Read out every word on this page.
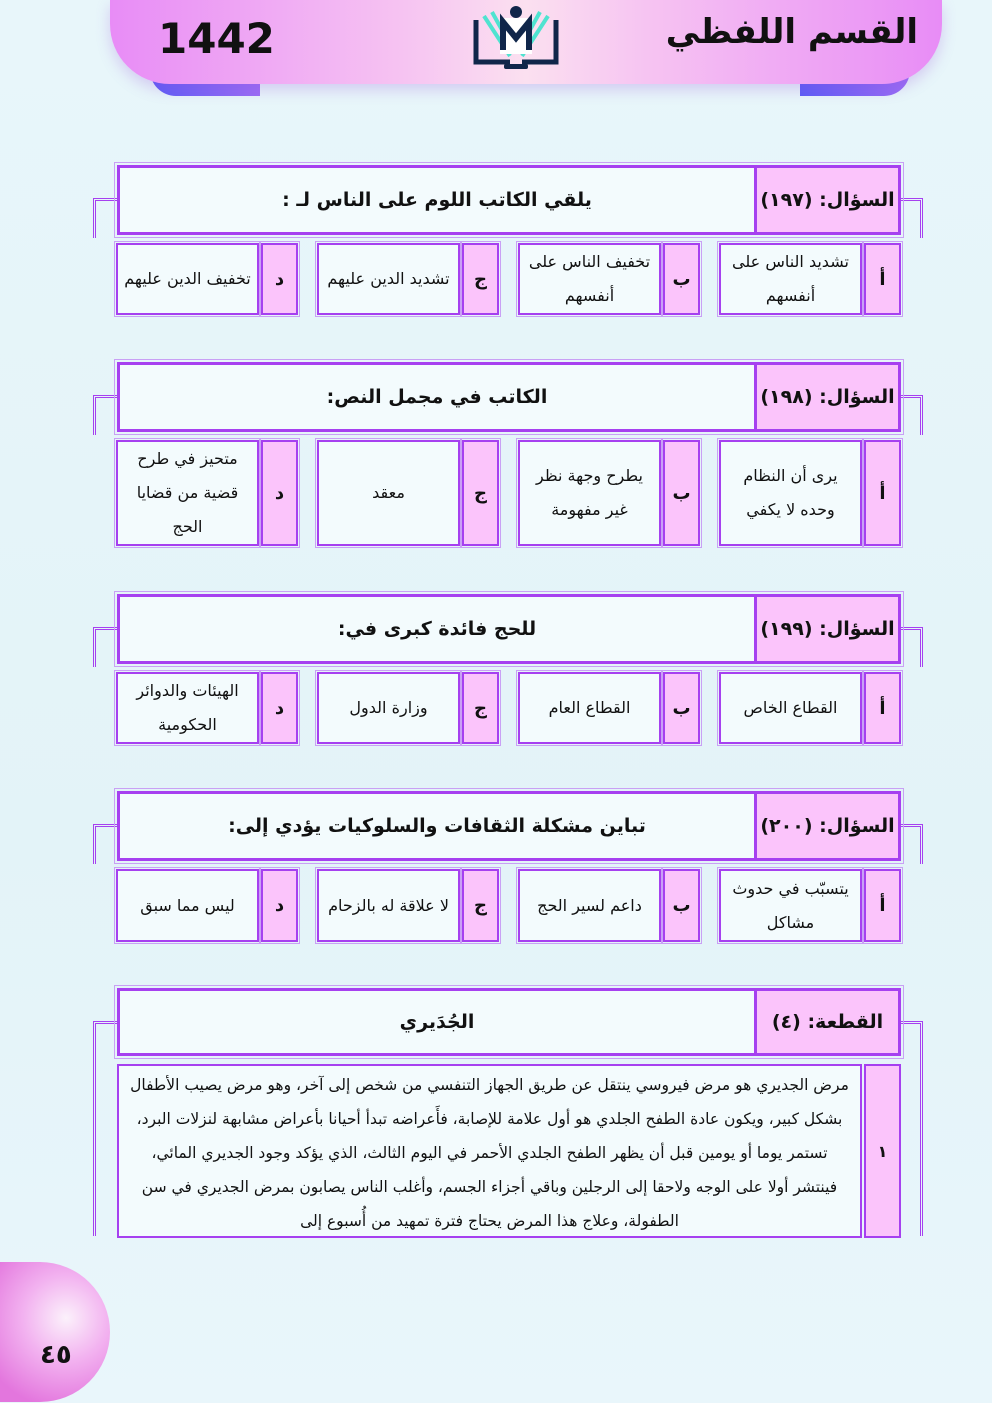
1442	القسم اللفظي
السؤال: (١٩٧)
يلقي الكاتب اللوم على الناس لـ :
أ
تشديد الناس على أنفسهم
ب
تخفيف الناس على أنفسهم
ج
تشديد الدين عليهم
د
تخفيف الدين عليهم
السؤال: (١٩٨)
الكاتب في مجمل النص:
أ
يرى أن النظام وحده لا يكفي
ب
يطرح وجهة نظر غير مفهومة
ج
معقد
د
متحيز في طرح قضية من قضايا الحج
السؤال: (١٩٩)
للحج فائدة كبرى في:
أ
القطاع الخاص
ب
القطاع العام
ج
وزارة الدول
د
الهيئات والدوائر الحكومية
السؤال: (٢٠٠)
تباين مشكلة الثقافات والسلوكيات يؤدي إلى:
أ
يتسبّب في حدوث مشاكل
ب
داعم لسير الحج
ج
لا علاقة له بالزحام
د
ليس مما سبق
القطعة: (٤)
الجُدَيري
١
مرض الجديري هو مرض فيروسي ينتقل عن طريق الجهاز التنفسي من شخص إلى آخر، وهو مرض يصيب الأطفال بشكل كبير، ويكون عادة الطفح الجلدي هو أول علامة للإصابة، فأَعراضه تبدأ أحيانا بأعراض مشابهة لنزلات البرد، تستمر يوما أو يومين قبل أن يظهر الطفح الجلدي الأحمر في اليوم الثالث، الذي يؤكد وجود الجديري المائي، فينتشر أولا على الوجه ولاحقا إلى الرجلين وباقي أجزاء الجسم، وأغلب الناس يصابون بمرض الجديري في سن الطفولة، وعلاج هذا المرض يحتاج فترة تمهيد من أُسبوع إلى
٤٥
